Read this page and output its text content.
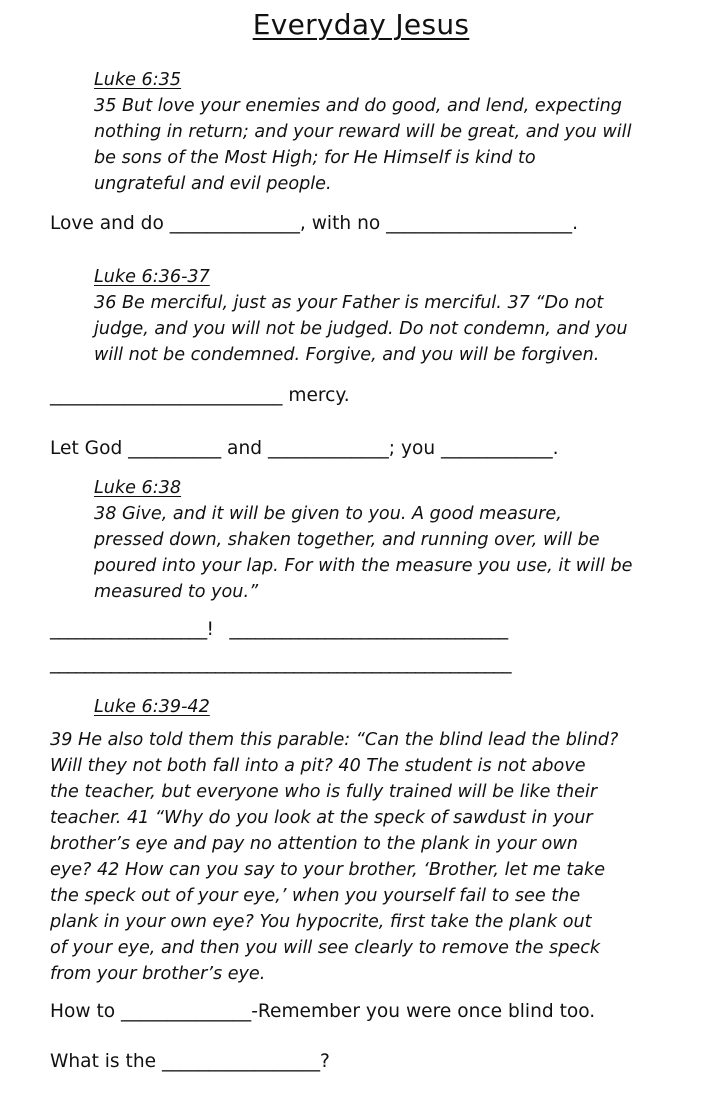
Everyday Jesus
Luke 6:35
35 But love your enemies and do good, and lend, expecting
nothing in return; and your reward will be great, and you will
be sons of the Most High; for He Himself is kind to
ungrateful and evil people.
Love and do ______________, with no ____________________.
Luke 6:36-37
36 Be merciful, just as your Father is merciful. 37 “Do not
judge, and you will not be judged. Do not condemn, and you
will not be condemned. Forgive, and you will be forgiven.
_________________________ mercy.
Let God __________ and _____________; you ____________.
Luke 6:38
38 Give, and it will be given to you. A good measure,
pressed down, shaken together, and running over, will be
poured into your lap. For with the measure you use, it will be
measured to you.”
__________________!   ________________________________
_____________________________________________________
Luke 6:39-42
39 He also told them this parable: “Can the blind lead the blind?
Will they not both fall into a pit? 40 The student is not above
the teacher, but everyone who is fully trained will be like their
teacher. 41 “Why do you look at the speck of sawdust in your
brother’s eye and pay no attention to the plank in your own
eye? 42 How can you say to your brother, ‘Brother, let me take
the speck out of your eye,’ when you yourself fail to see the
plank in your own eye? You hypocrite, first take the plank out
of your eye, and then you will see clearly to remove the speck
from your brother’s eye.
How to ______________-Remember you were once blind too.
What is the _________________?
